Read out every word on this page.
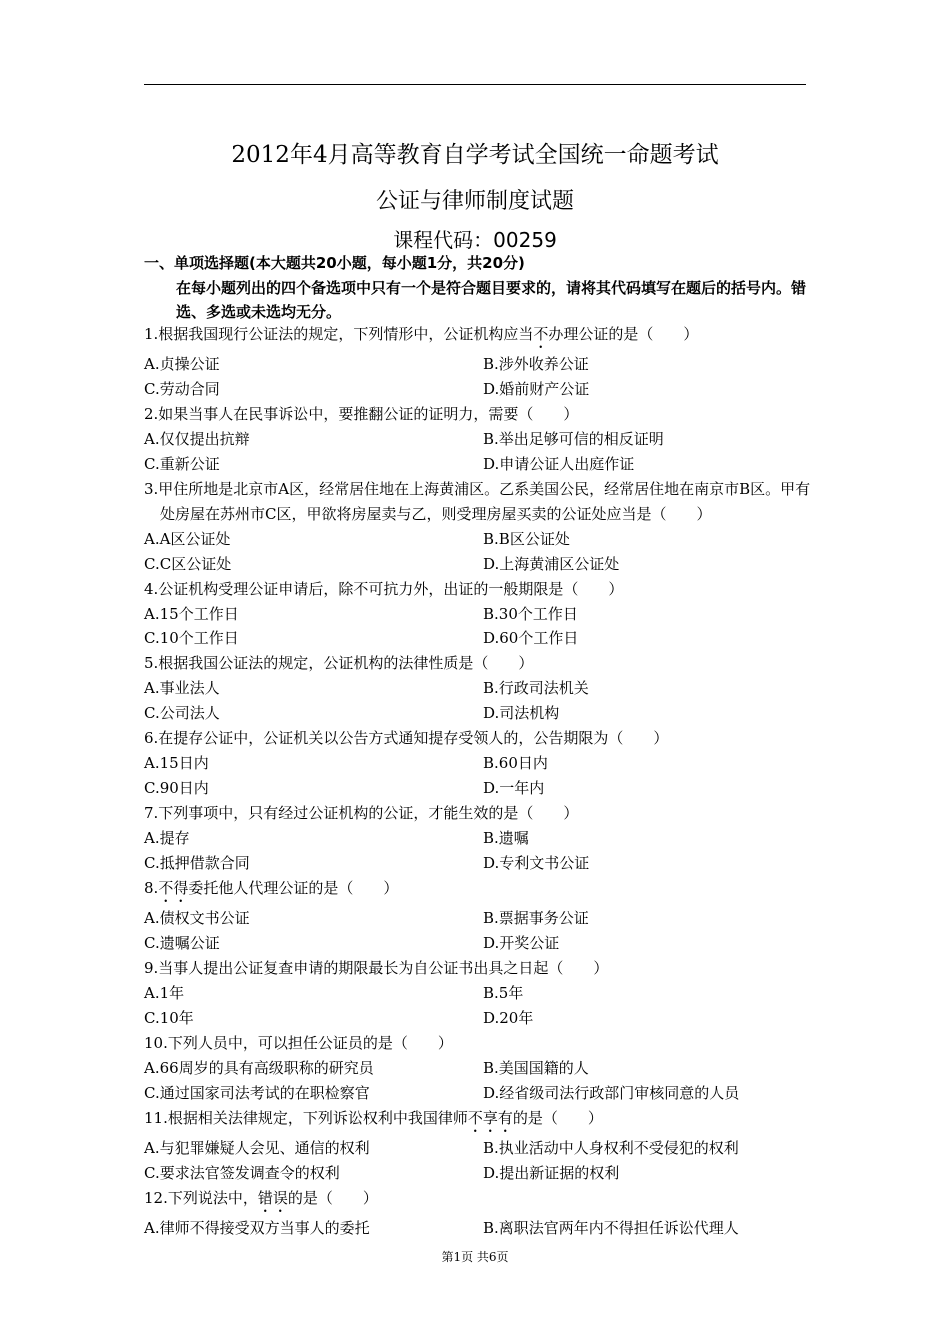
2012年4月高等教育自学考试全国统一命题考试
公证与律师制度试题
课程代码：00259
一、单项选择题(本大题共20小题，每小题1分，共20分)
在每小题列出的四个备选项中只有一个是符合题目要求的，请将其代码填写在题后的括号内。错选、多选或未选均无分。
1.根据我国现行公证法的规定，下列情形中，公证机构应当不办理公证的是（　　）
A.贞操公证	B.涉外收养公证
C.劳动合同	D.婚前财产公证
2.如果当事人在民事诉讼中，要推翻公证的证明力，需要（　　）
A.仅仅提出抗辩	B.举出足够可信的相反证明
C.重新公证	D.申请公证人出庭作证
3.甲住所地是北京市A区，经常居住地在上海黄浦区。乙系美国公民，经常居住地在南京市B区。甲有处房屋在苏州市C区，甲欲将房屋卖与乙，则受理房屋买卖的公证处应当是（　　）
A.A区公证处	B.B区公证处
C.C区公证处	D.上海黄浦区公证处
4.公证机构受理公证申请后，除不可抗力外，出证的一般期限是（　　）
A.15个工作日	B.30个工作日
C.10个工作日	D.60个工作日
5.根据我国公证法的规定，公证机构的法律性质是（　　）
A.事业法人	B.行政司法机关
C.公司法人	D.司法机构
6.在提存公证中，公证机关以公告方式通知提存受领人的，公告期限为（　　）
A.15日内	B.60日内
C.90日内	D.一年内
7.下列事项中，只有经过公证机构的公证，才能生效的是（　　）
A.提存	B.遗嘱
C.抵押借款合同	D.专利文书公证
8.不得委托他人代理公证的是（　　）
A.债权文书公证	B.票据事务公证
C.遗嘱公证	D.开奖公证
9.当事人提出公证复查申请的期限最长为自公证书出具之日起（　　）
A.1年	B.5年
C.10年	D.20年
10.下列人员中，可以担任公证员的是（　　）
A.66周岁的具有高级职称的研究员	B.美国国籍的人
C.通过国家司法考试的在职检察官	D.经省级司法行政部门审核同意的人员
11.根据相关法律规定，下列诉讼权利中我国律师不享有的是（　　）
A.与犯罪嫌疑人会见、通信的权利	B.执业活动中人身权利不受侵犯的权利
C.要求法官签发调查令的权利	D.提出新证据的权利
12.下列说法中，错误的是（　　）
A.律师不得接受双方当事人的委托	B.离职法官两年内不得担任诉讼代理人
第1页 共6页
